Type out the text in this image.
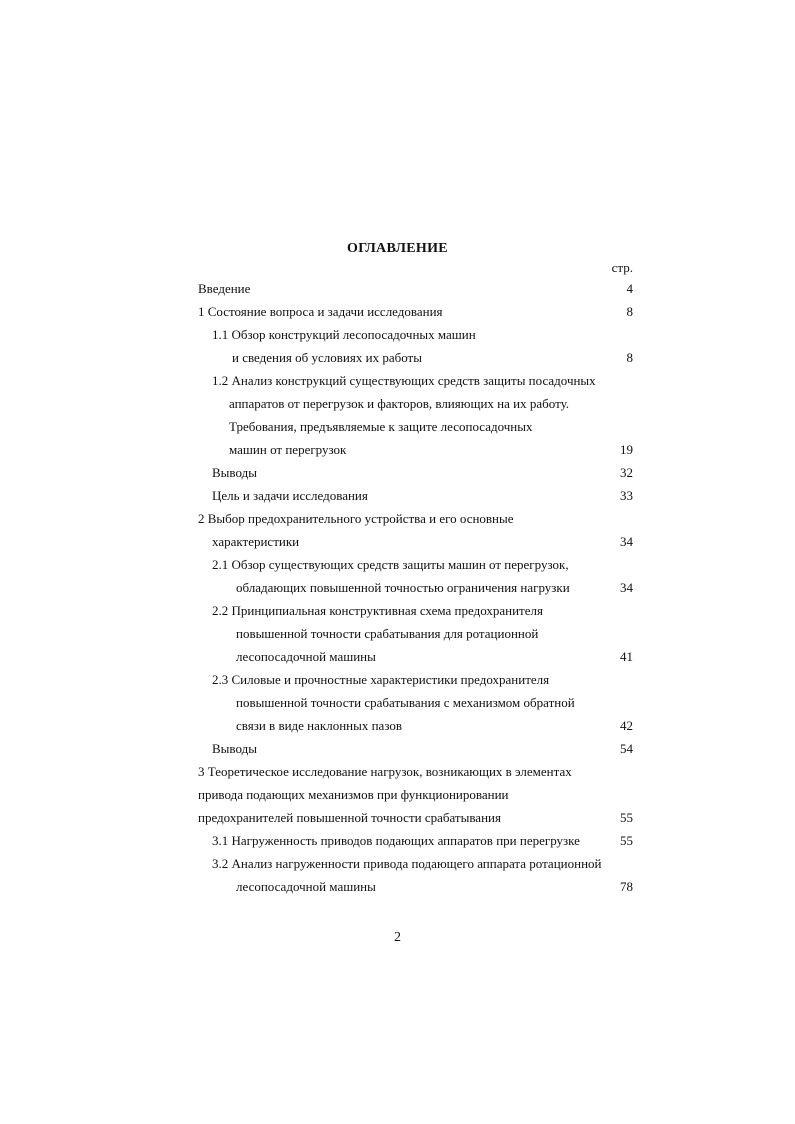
ОГЛАВЛЕНИЕ
стр.
Введение	4
1 Состояние вопроса и задачи исследования	8
1.1 Обзор конструкций лесопосадочных машин
и сведения об условиях их работы	8
1.2 Анализ конструкций существующих средств защиты посадочных
аппаратов от перегрузок и факторов, влияющих на их работу.
Требования, предъявляемые к защите лесопосадочных
машин от перегрузок	19
Выводы	32
Цель и задачи исследования	33
2 Выбор предохранительного устройства и его основные
характеристики	34
2.1 Обзор существующих средств защиты машин от перегрузок,
обладающих повышенной точностью ограничения нагрузки	34
2.2 Принципиальная конструктивная схема предохранителя
повышенной точности срабатывания для ротационной
лесопосадочной машины	41
2.3 Силовые и прочностные характеристики предохранителя
повышенной точности срабатывания с механизмом обратной
связи в виде наклонных пазов	42
Выводы	54
3 Теоретическое исследование нагрузок, возникающих в элементах
привода подающих механизмов при функционировании
предохранителей повышенной точности срабатывания	55
3.1 Нагруженность приводов подающих аппаратов при перегрузке	55
3.2 Анализ нагруженности привода подающего аппарата ротационной
лесопосадочной машины	78
2
